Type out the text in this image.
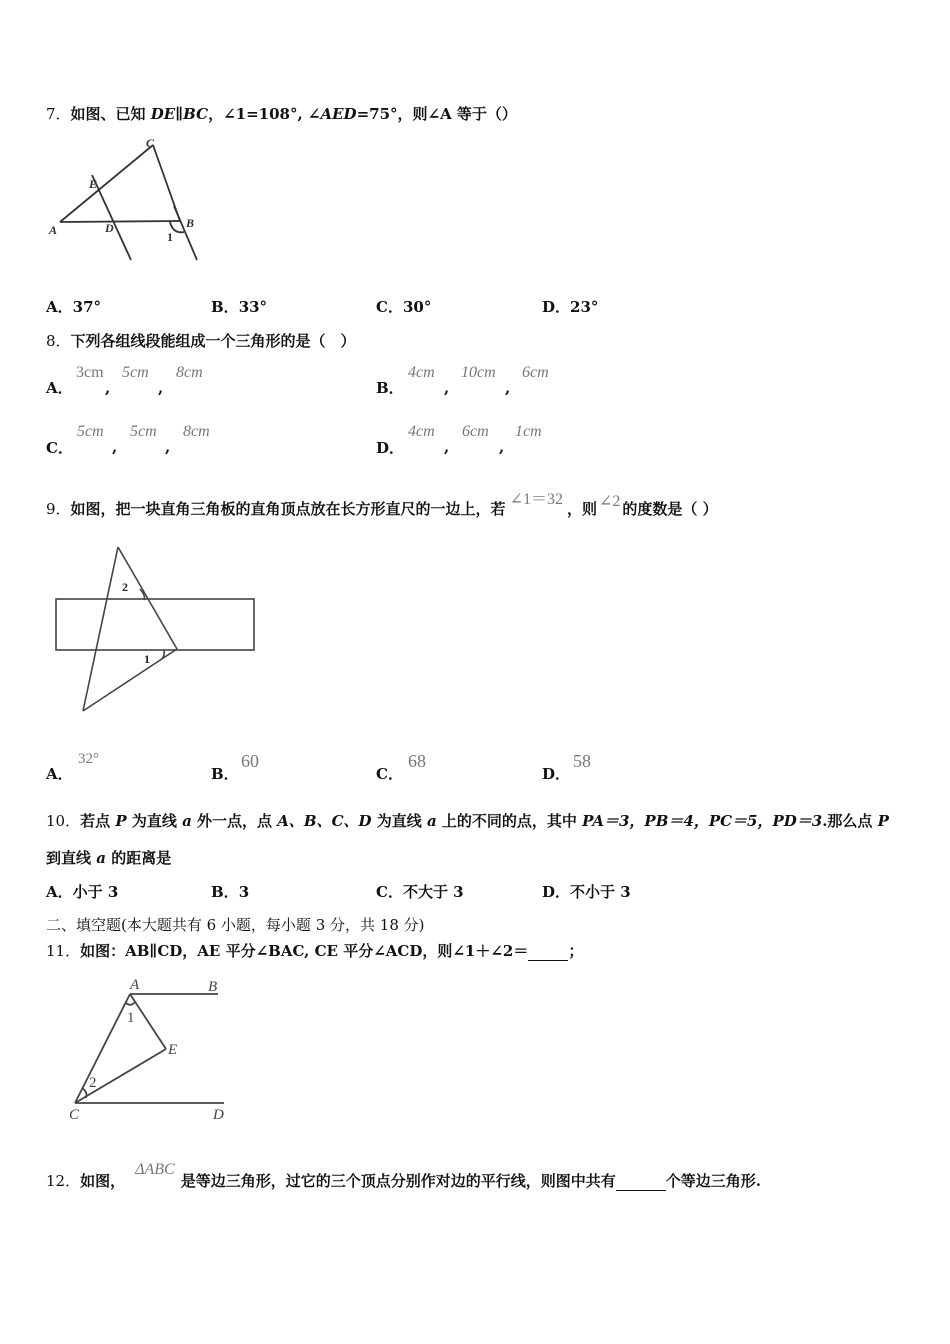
7．如图、已知 DE∥BC，∠1=108°, ∠AED=75°，则∠A 等于（）
A	D
E
C
B
1
A．37°	B．33°	C．30°	D．23°
8．下列各组线段能组成一个三角形的是（　）
A．
3cm
,
5cm
,
8cm
B．
4cm
,
10cm
,
6cm
C．
5cm
,
5cm
,
8cm
D．
4cm
,
6cm
,
1cm
9．如图，把一块直角三角板的直角顶点放在长方形直尺的一边上，若∠1＝32，则 ∠2 的度数是（ ）
2
1
A．
32°
B．
60
C．
68
D．
58
10．若点 P 为直线 a 外一点，点 A、B、C、D 为直线 a 上的不同的点，其中 PA＝3，PB＝4，PC＝5，PD＝3.那么点 P
到直线 a 的距离是
A．小于 3	B．3	C．不大于 3	D．不小于 3
二、填空题(本大题共有 6 小题，每小题 3 分，共 18 分)
11．如图：AB∥CD，AE 平分∠BAC, CE 平分∠ACD，则∠1＋∠2＝	；
A	B
E
C	D
1
2
12．如图，ΔABC是等边三角形，过它的三个顶点分别作对边的平行线，则图中共有	个等边三角形.
